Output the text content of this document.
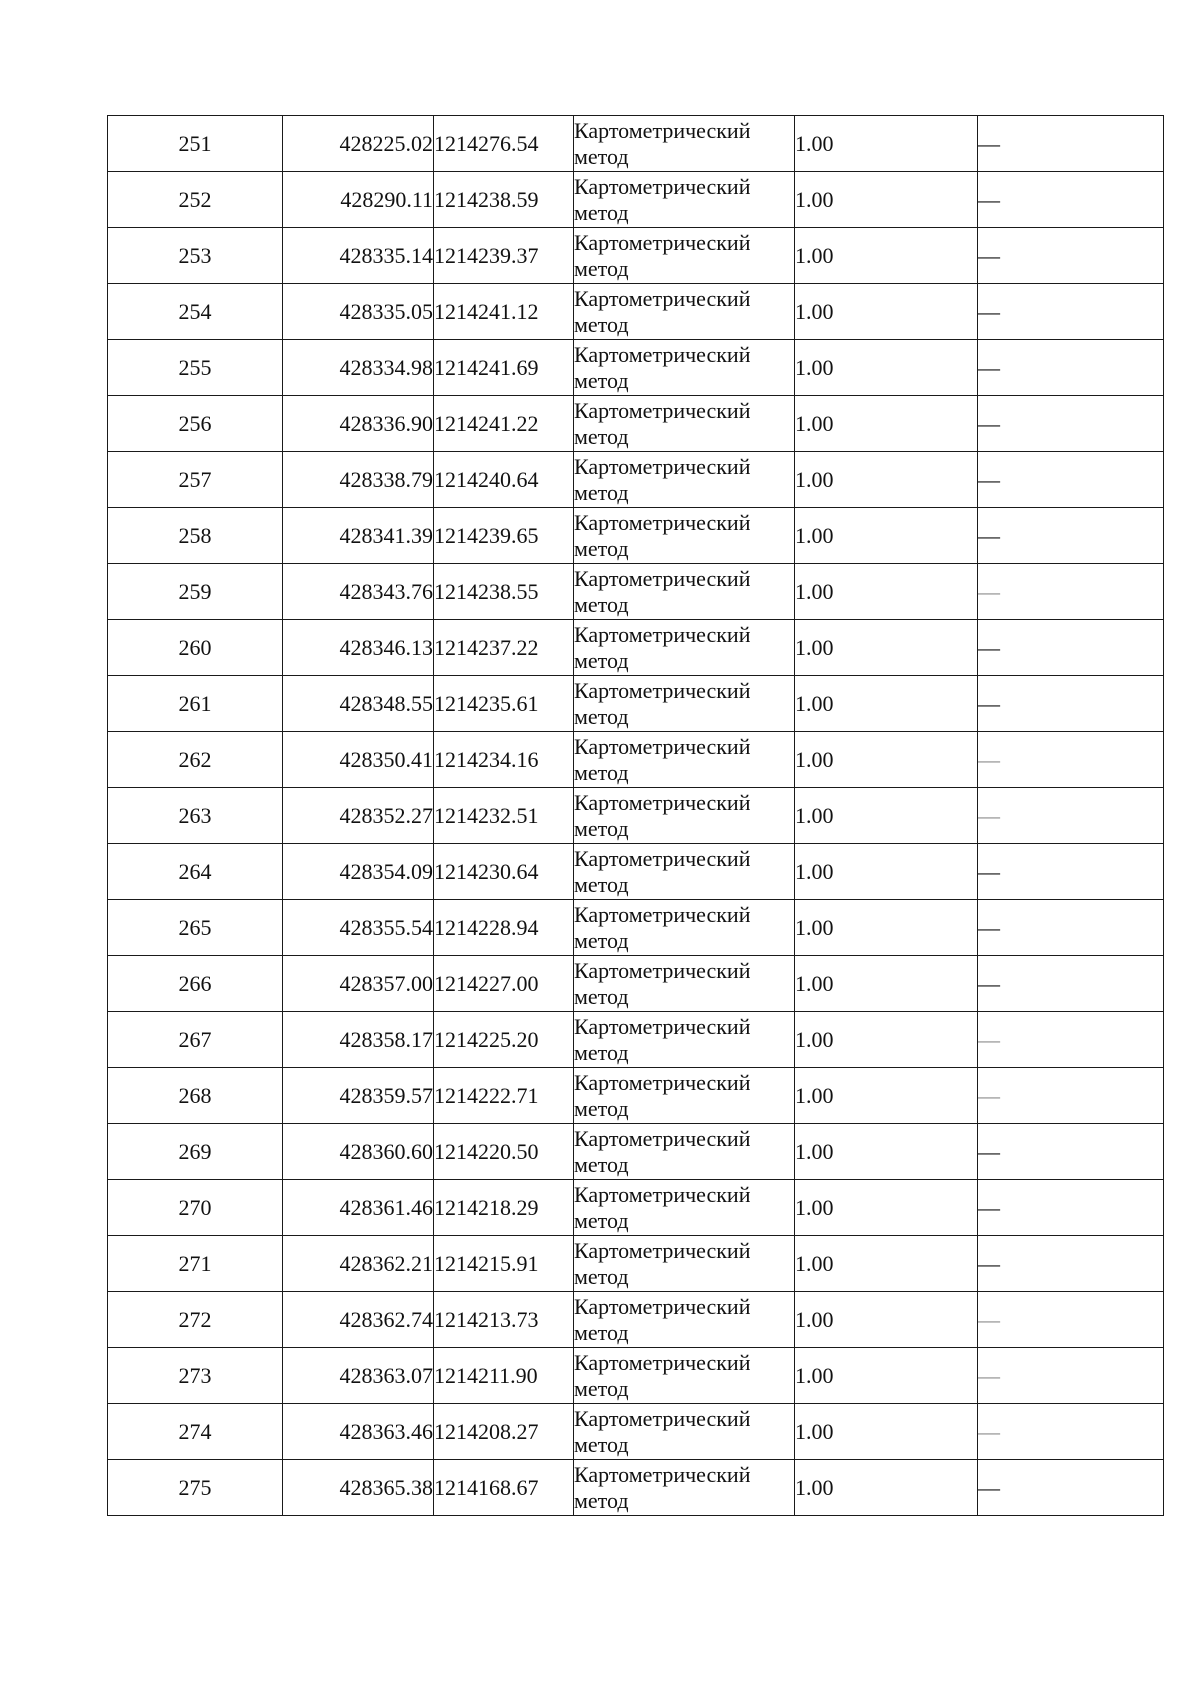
251	428225.02	1214276.54	Картометрический
метод	1.00	—
252	428290.11	1214238.59	Картометрический
метод	1.00	—
253	428335.14	1214239.37	Картометрический
метод	1.00	—
254	428335.05	1214241.12	Картометрический
метод	1.00	—
255	428334.98	1214241.69	Картометрический
метод	1.00	—
256	428336.90	1214241.22	Картометрический
метод	1.00	—
257	428338.79	1214240.64	Картометрический
метод	1.00	—
258	428341.39	1214239.65	Картометрический
метод	1.00	—
259	428343.76	1214238.55	Картометрический
метод	1.00	—
260	428346.13	1214237.22	Картометрический
метод	1.00	—
261	428348.55	1214235.61	Картометрический
метод	1.00	—
262	428350.41	1214234.16	Картометрический
метод	1.00	—
263	428352.27	1214232.51	Картометрический
метод	1.00	—
264	428354.09	1214230.64	Картометрический
метод	1.00	—
265	428355.54	1214228.94	Картометрический
метод	1.00	—
266	428357.00	1214227.00	Картометрический
метод	1.00	—
267	428358.17	1214225.20	Картометрический
метод	1.00	—
268	428359.57	1214222.71	Картометрический
метод	1.00	—
269	428360.60	1214220.50	Картометрический
метод	1.00	—
270	428361.46	1214218.29	Картометрический
метод	1.00	—
271	428362.21	1214215.91	Картометрический
метод	1.00	—
272	428362.74	1214213.73	Картометрический
метод	1.00	—
273	428363.07	1214211.90	Картометрический
метод	1.00	—
274	428363.46	1214208.27	Картометрический
метод	1.00	—
275	428365.38	1214168.67	Картометрический
метод	1.00	—
